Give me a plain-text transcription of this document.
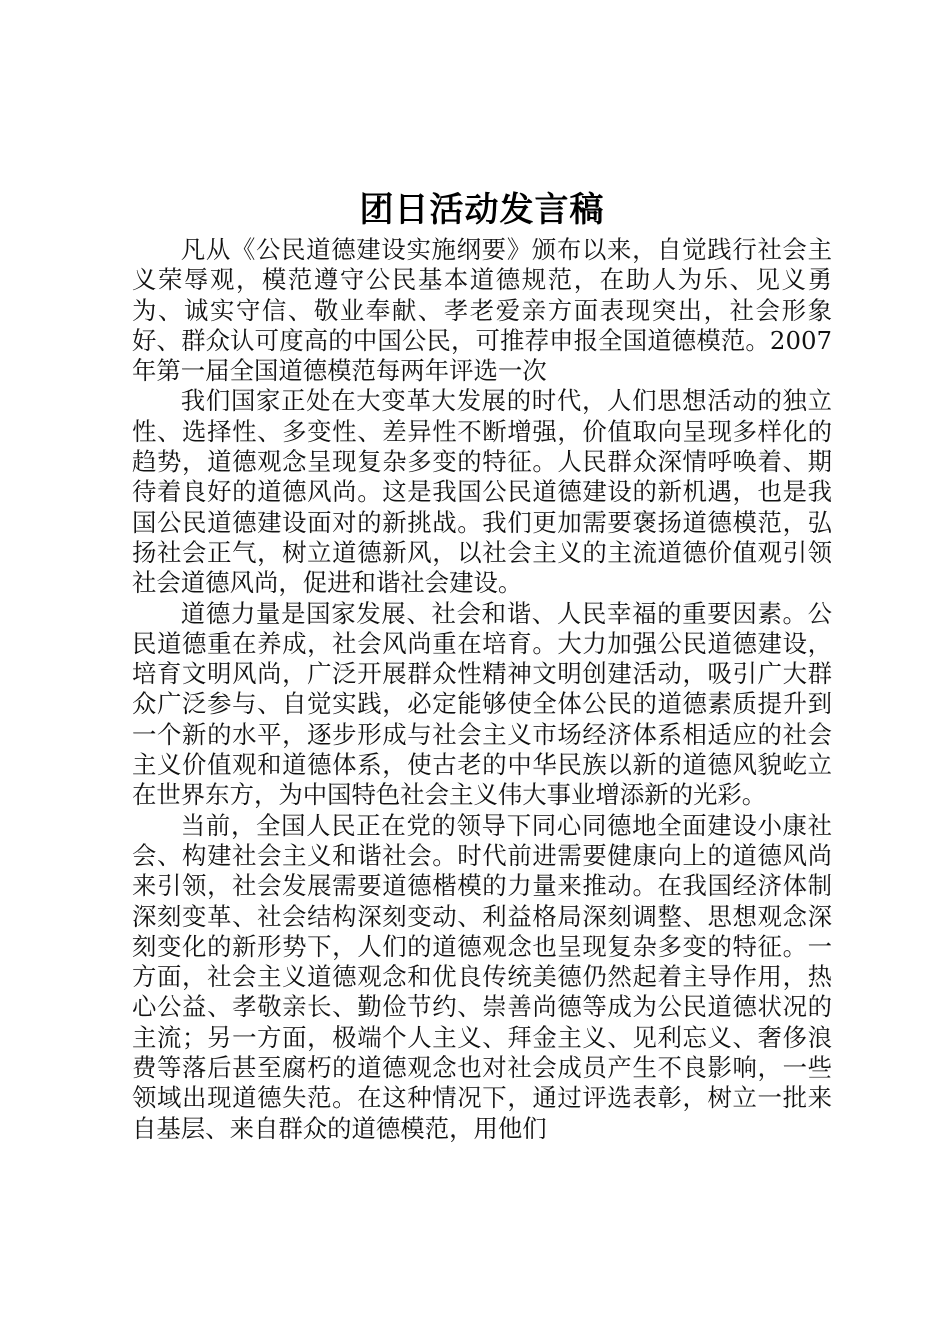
团日活动发言稿

凡从《公民道德建设实施纲要》颁布以来，自觉践行社会主义荣辱观，模范遵守公民基本道德规范，在助人为乐、见义勇为、诚实守信、敬业奉献、孝老爱亲方面表现突出，社会形象好、群众认可度高的中国公民，可推荐申报全国道德模范。2007年第一届全国道德模范每两年评选一次

我们国家正处在大变革大发展的时代，人们思想活动的独立性、选择性、多变性、差异性不断增强，价值取向呈现多样化的趋势，道德观念呈现复杂多变的特征。人民群众深情呼唤着、期待着良好的道德风尚。这是我国公民道德建设的新机遇，也是我国公民道德建设面对的新挑战。我们更加需要褒扬道德模范，弘扬社会正气，树立道德新风，以社会主义的主流道德价值观引领社会道德风尚，促进和谐社会建设。

道德力量是国家发展、社会和谐、人民幸福的重要因素。公民道德重在养成，社会风尚重在培育。大力加强公民道德建设，培育文明风尚，广泛开展群众性精神文明创建活动，吸引广大群众广泛参与、自觉实践，必定能够使全体公民的道德素质提升到一个新的水平，逐步形成与社会主义市场经济体系相适应的社会主义价值观和道德体系，使古老的中华民族以新的道德风貌屹立在世界东方，为中国特色社会主义伟大事业增添新的光彩。

当前，全国人民正在党的领导下同心同德地全面建设小康社会、构建社会主义和谐社会。时代前进需要健康向上的道德风尚来引领，社会发展需要道德楷模的力量来推动。在我国经济体制深刻变革、社会结构深刻变动、利益格局深刻调整、思想观念深刻变化的新形势下，人们的道德观念也呈现复杂多变的特征。一方面，社会主义道德观念和优良传统美德仍然起着主导作用，热心公益、孝敬亲长、勤俭节约、崇善尚德等成为公民道德状况的主流；另一方面，极端个人主义、拜金主义、见利忘义、奢侈浪费等落后甚至腐朽的道德观念也对社会成员产生不良影响，一些领域出现道德失范。在这种情况下，通过评选表彰，树立一批来自基层、来自群众的道德模范，用他们
